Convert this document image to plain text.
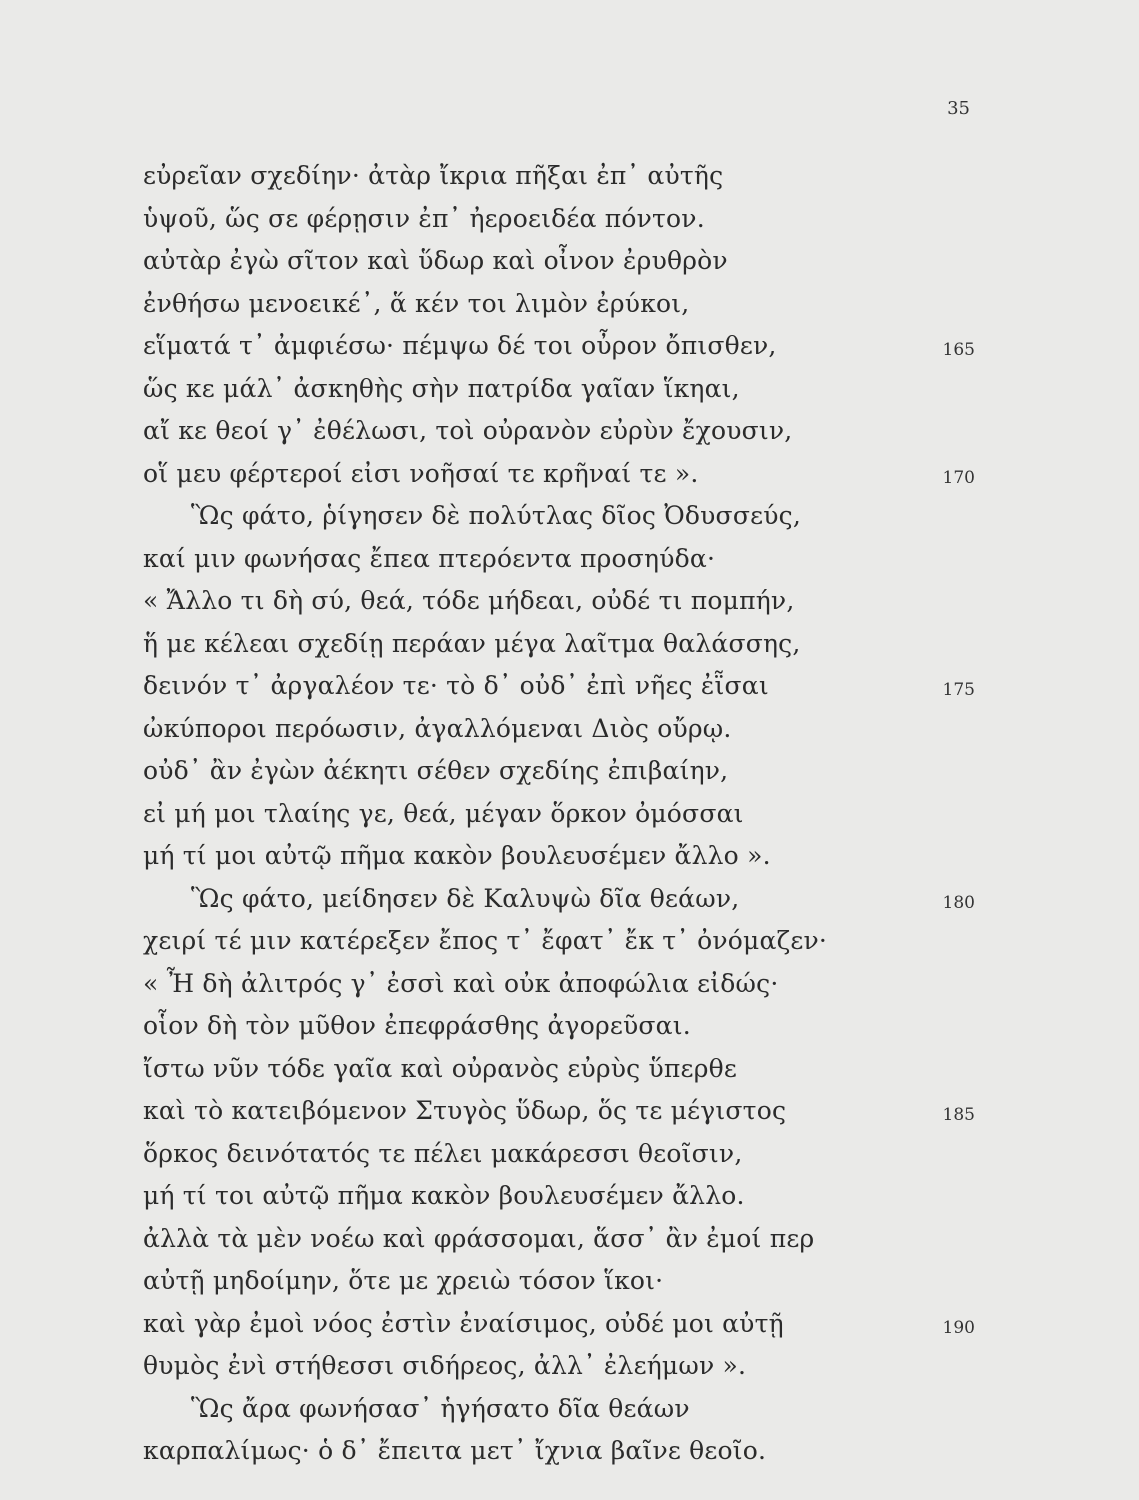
35
εὐρεῖαν σχεδίην· ἀτὰρ ἴκρια πῆξαι ἐπ᾽ αὐτῆς
ὑψοῦ, ὥς σε φέρῃσιν ἐπ᾽ ἠεροειδέα πόντον.
αὐτὰρ ἐγὼ σῖτον καὶ ὕδωρ καὶ οἶνον ἐρυθρὸν
ἐνθήσω μενοεικέ᾽, ἅ κέν τοι λιμὸν ἐρύκοι,
εἵματά τ᾽ ἀμφιέσω· πέμψω δέ τοι οὖρον ὄπισθεν,	165
ὥς κε μάλ᾽ ἀσκηθὴς σὴν πατρίδα γαῖαν ἵκηαι,
αἴ κε θεοί γ᾽ ἐθέλωσι, τοὶ οὐρανὸν εὐρὺν ἔχουσιν,
οἵ μευ φέρτεροί εἰσι νοῆσαί τε κρῆναί τε ».	170
Ὣς φάτο, ῥίγησεν δὲ πολύτλας δῖος Ὀδυσσεύς,
καί μιν φωνήσας ἔπεα πτερόεντα προσηύδα·
« Ἄλλο τι δὴ σύ, θεά, τόδε μήδεαι, οὐδέ τι πομπήν,
ἥ με κέλεαι σχεδίῃ περάαν μέγα λαῖτμα θαλάσσης,
δεινόν τ᾽ ἀργαλέον τε· τὸ δ᾽ οὐδ᾽ ἐπὶ νῆες ἐῗσαι	175
ὠκύποροι περόωσιν, ἀγαλλόμεναι Διὸς οὔρῳ.
οὐδ᾽ ἂν ἐγὼν ἀέκητι σέθεν σχεδίης ἐπιβαίην,
εἰ μή μοι τλαίης γε, θεά, μέγαν ὅρκον ὀμόσσαι
μή τί μοι αὐτῷ πῆμα κακὸν βουλευσέμεν ἄλλο ».
Ὣς φάτο, μείδησεν δὲ Καλυψὼ δῖα θεάων,	180
χειρί τέ μιν κατέρεξεν ἔπος τ᾽ ἔφατ᾽ ἔκ τ᾽ ὀνόμαζεν·
« Ἦ δὴ ἀλιτρός γ᾽ ἐσσὶ καὶ οὐκ ἀποφώλια εἰδώς·
οἷον δὴ τὸν μῦθον ἐπεφράσθης ἀγορεῦσαι.
ἴστω νῦν τόδε γαῖα καὶ οὐρανὸς εὐρὺς ὕπερθε
καὶ τὸ κατειβόμενον Στυγὸς ὕδωρ, ὅς τε μέγιστος	185
ὅρκος δεινότατός τε πέλει μακάρεσσι θεοῖσιν,
μή τί τοι αὐτῷ πῆμα κακὸν βουλευσέμεν ἄλλο.
ἀλλὰ τὰ μὲν νοέω καὶ φράσσομαι, ἅσσ᾽ ἂν ἐμοί περ
αὐτῇ μηδοίμην, ὅτε με χρειὼ τόσον ἵκοι·
καὶ γὰρ ἐμοὶ νόος ἐστὶν ἐναίσιμος, οὐδέ μοι αὐτῇ	190
θυμὸς ἐνὶ στήθεσσι σιδήρεος, ἀλλ᾽ ἐλεήμων ».
Ὣς ἄρα φωνήσασ᾽ ἡγήσατο δῖα θεάων
καρπαλίμως· ὁ δ᾽ ἔπειτα μετ᾽ ἴχνια βαῖνε θεοῖο.
